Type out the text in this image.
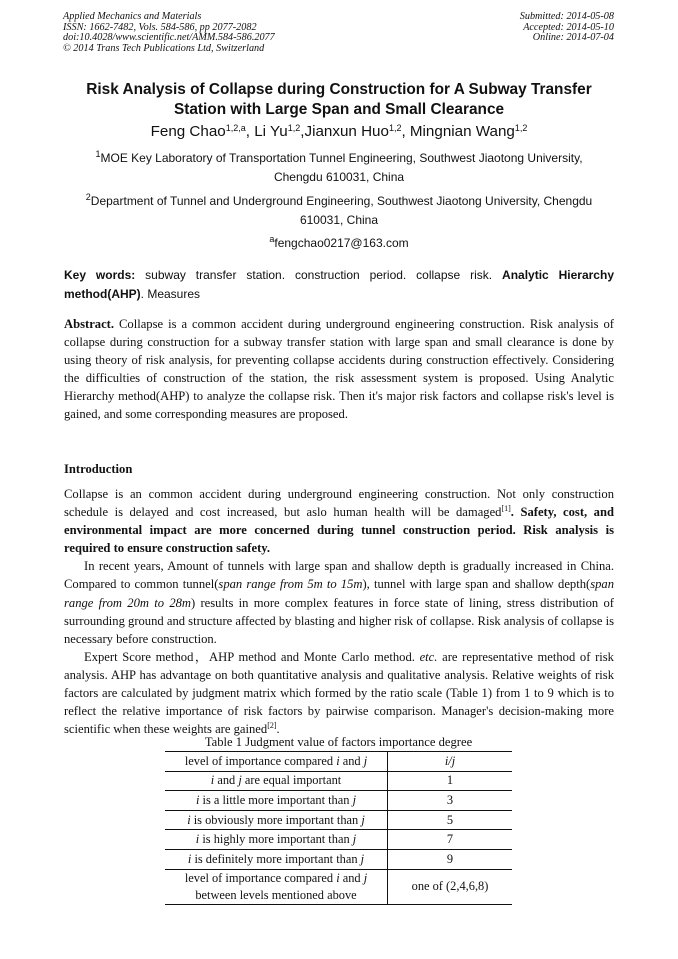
Applied Mechanics and Materials
ISSN: 1662-7482, Vols. 584-586, pp 2077-2082
doi:10.4028/www.scientific.net/AMM.584-586.2077
© 2014 Trans Tech Publications Ltd, Switzerland
Submitted: 2014-05-08
Accepted: 2014-05-10
Online: 2014-07-04
Risk Analysis of Collapse during Construction for A Subway Transfer
Station with Large Span and Small Clearance
Feng Chao$^{1,2,a}$, Li Yu$^{1,2}$,Jianxun Huo$^{1,2}$, Mingnian Wang$^{1,2}$
$^1$MOE Key Laboratory of Transportation Tunnel Engineering, Southwest Jiaotong University,
Chengdu 610031, China
$^2$Department of Tunnel and Underground Engineering, Southwest Jiaotong University, Chengdu
610031, China
$^a$fengchao0217@163.com
Key words: subway transfer station. construction period. collapse risk. Analytic Hierarchy method(AHP). Measures

Abstract. Collapse is a common accident during underground engineering construction. Risk analysis of collapse during construction for a subway transfer station with large span and small clearance is done by using theory of risk analysis, for preventing collapse accidents during construction effectively. Considering the difficulties of construction of the station, the risk assessment system is proposed. Using Analytic Hierarchy method(AHP) to analyze the collapse risk. Then it's major risk factors and collapse risk's level is gained, and some corresponding measures are proposed.

Introduction

Collapse is an common accident during underground engineering construction. Not only construction schedule is delayed and cost increased, but aslo human health will be damaged[1]. Safety, cost, and environmental impact are more concerned during tunnel construction period. Risk analysis is required to ensure construction safety.

In recent years, Amount of tunnels with large span and shallow depth is gradually increased in China. Compared to common tunnel(span range from 5m to 15m), tunnel with large span and shallow depth(span range from 20m to 28m) results in more complex features in force state of lining, stress distribution of surrounding ground and structure affected by blasting and higher risk of collapse. Risk analysis of collapse is necessary before construction.

Expert Score method，AHP method and Monte Carlo method. etc. are representative method of risk analysis. AHP has advantage on both quantitative analysis and qualitative analysis. Relative weights of risk factors are calculated by judgment matrix which formed by the ratio scale (Table 1) from 1 to 9 which is to reflect the relative importance of risk factors by pairwise comparison. Manager's decision-making more scientific when these weights are gained[2].

Table 1 Judgment value of factors importance degree
level of importance compared i and j	i/j
i and j are equal important	1
i is a little more important than j	3
i is obviously more important than j	5
i is highly more important than j	7
i is definitely more important than j	9

level of importance compared i and j
between levels mentioned above	one of (2,4,6,8)
